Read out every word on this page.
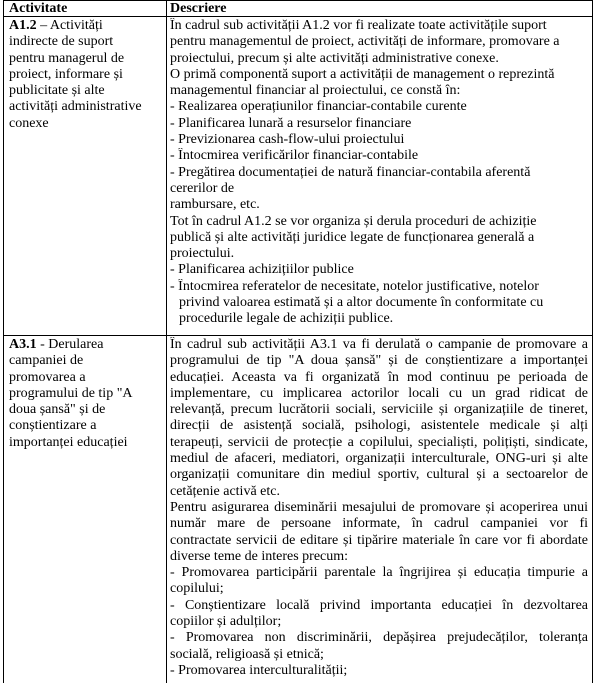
Activitate	Descriere
A1.2 – Activități
indirecte de suport
pentru managerul de
proiect, informare și
publicitate și alte
activități administrative
conexe
În cadrul sub activității A1.2 vor fi realizate toate activitățile suport
pentru managementul de proiect, activități de informare, promovare a
proiectului, precum și alte activități administrative conexe.
O primă componentă suport a activității de management o reprezintă
managementul financiar al proiectului, ce constă în:
- Realizarea operațiunilor financiar-contabile curente
- Planificarea lunară a resurselor financiare
- Previzionarea cash-flow-ului proiectului
- Întocmirea verificărilor financiar-contabile
- Pregătirea documentației de natură financiar-contabila aferentă
cererilor de
rambursare, etc.
Tot în cadrul A1.2 se vor organiza și derula proceduri de achiziție
publică și alte activități juridice legate de funcționarea generală a
proiectului.
- Planificarea achizițiilor publice
- Întocmirea referatelor de necesitate, notelor justificative, notelor
privind valoarea estimată și a altor documente în conformitate cu
procedurile legale de achiziții publice.
A3.1 - Derularea
campaniei de
promovarea a
programului de tip "A
doua șansă" și de
conștientizare a
importanței educației
În cadrul sub activității A3.1 va fi derulată o campanie de promovare a
programului de tip "A doua șansă" și de conștientizare a importanței
educației. Aceasta va fi organizată în mod continuu pe perioada de
implementare, cu implicarea actorilor locali cu un grad ridicat de
relevanță, precum lucrătorii sociali, serviciile și organizațiile de tineret,
direcții de asistență socială, psihologi, asistentele medicale și alți
terapeuți, servicii de protecție a copilului, specialiști, polițiști, sindicate,
mediul de afaceri, mediatori, organizații interculturale, ONG-uri și alte
organizații comunitare din mediul sportiv, cultural și a sectoarelor de
cetățenie activă etc.
Pentru asigurarea diseminării mesajului de promovare și acoperirea unui
număr mare de persoane informate, în cadrul campaniei vor fi
contractate servicii de editare și tipărire materiale în care vor fi abordate
diverse teme de interes precum:
- Promovarea participării parentale la îngrijirea și educația timpurie a
copilului;
- Conștientizare locală privind importanta educației în dezvoltarea
copiilor și adulților;
- Promovarea non discriminării, depășirea prejudecăților, toleranța
socială, religioasă și etnică;
- Promovarea interculturalității;
